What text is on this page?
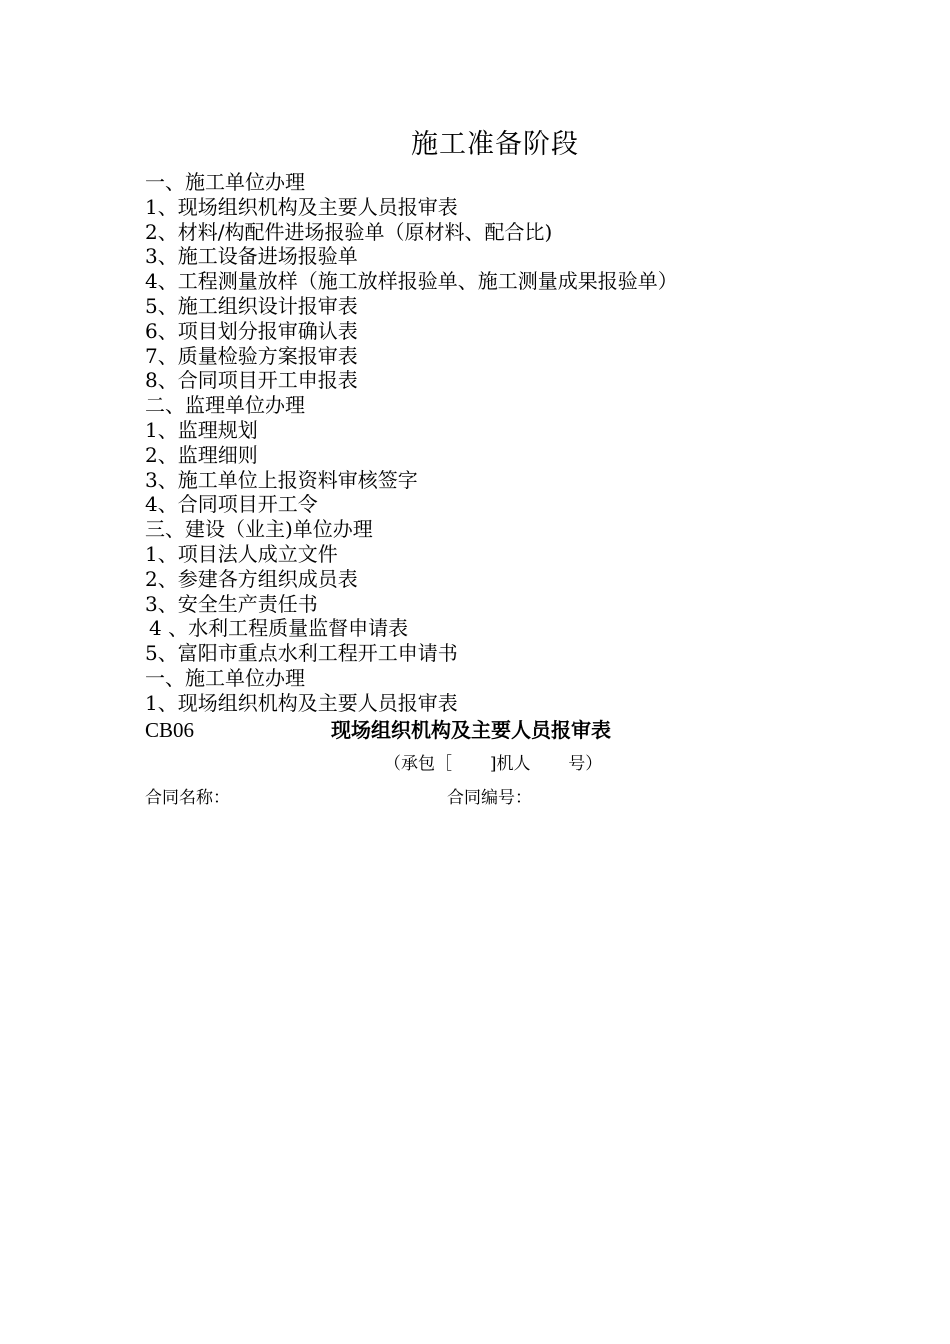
施工准备阶段
一、施工单位办理
1、现场组织机构及主要人员报审表
2、材料/构配件进场报验单（原材料、配合比)
3、施工设备进场报验单
4、工程测量放样（施工放样报验单、施工测量成果报验单）
5、施工组织设计报审表
6、项目划分报审确认表
7、质量检验方案报审表
8、合同项目开工申报表
二、监理单位办理
1、监理规划
2、监理细则
3、施工单位上报资料审核签字
4、合同项目开工令
三、建设（业主)单位办理
1、项目法人成立文件
2、参建各方组织成员表
3、安全生产责任书
4 、水利工程质量监督申请表
5、富阳市重点水利工程开工申请书
一、施工单位办理
1、现场组织机构及主要人员报审表
CB06	现场组织机构及主要人员报审表
（承包［       ]机人       号）
合同名称：	合同编号：
